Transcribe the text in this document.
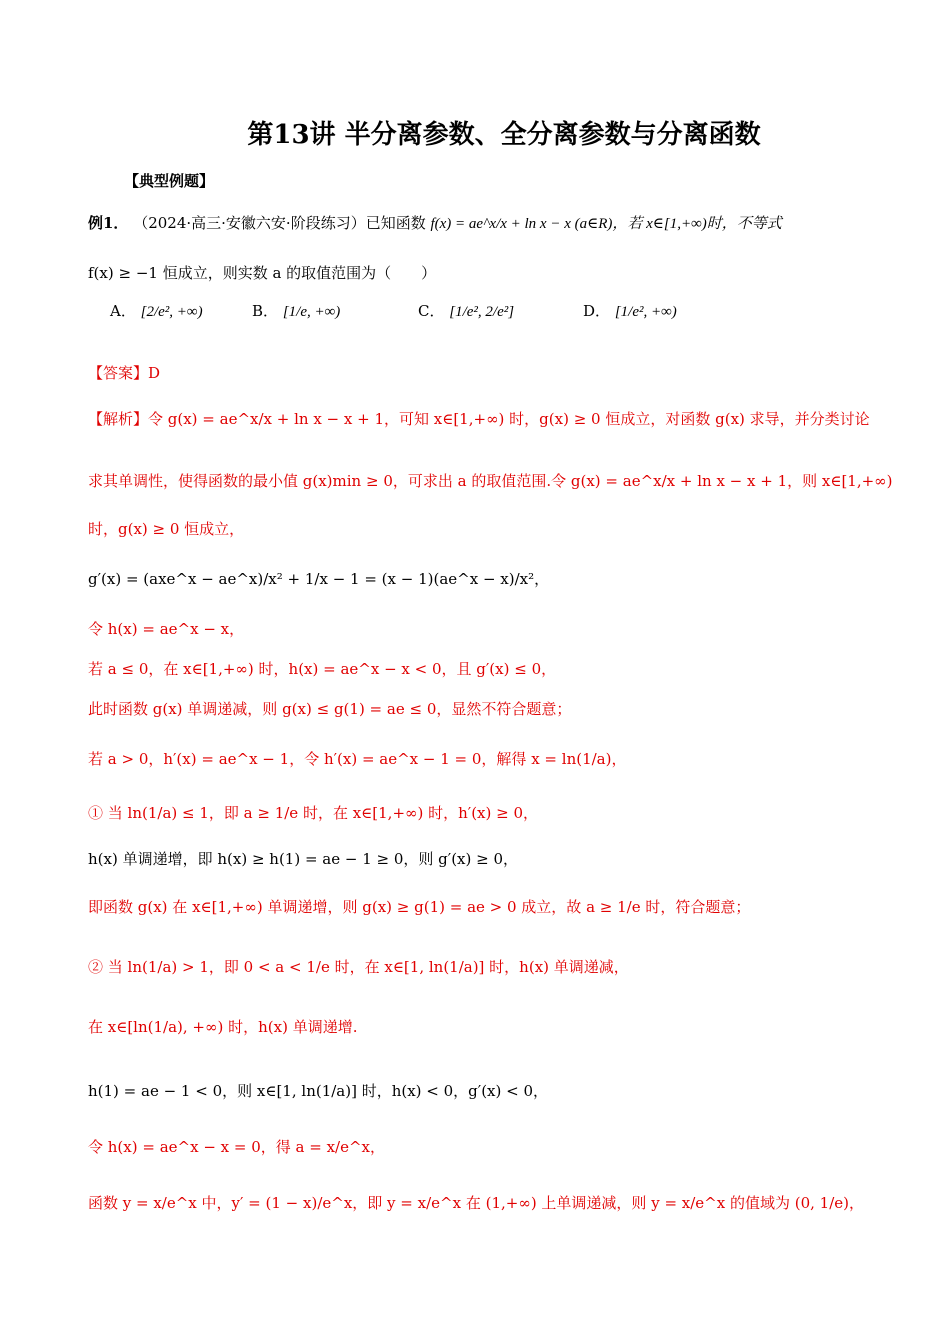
第13讲 半分离参数、全分离参数与分离函数
【典型例题】
例1． （2024·高三·安徽六安·阶段练习）已知函数 f(x) = ae^x/x + ln x − x (a∈R)，若 x∈[1,+∞)时，不等式
f(x) ≥ −1 恒成立，则实数 a 的取值范围为（　　）
A． [2/e², +∞)	B． [1/e, +∞)	C． [1/e², 2/e²]	D． [1/e², +∞)
【答案】D
【解析】令 g(x) = ae^x/x + ln x − x + 1，可知 x∈[1,+∞) 时，g(x) ≥ 0 恒成立，对函数 g(x) 求导，并分类讨论
求其单调性，使得函数的最小值 g(x)min ≥ 0，可求出 a 的取值范围.令 g(x) = ae^x/x + ln x − x + 1，则 x∈[1,+∞)
时，g(x) ≥ 0 恒成立，
g′(x) = (axe^x − ae^x)/x² + 1/x − 1 = (x − 1)(ae^x − x)/x²，
令 h(x) = ae^x − x，
若 a ≤ 0，在 x∈[1,+∞) 时，h(x) = ae^x − x < 0，且 g′(x) ≤ 0，
此时函数 g(x) 单调递减，则 g(x) ≤ g(1) = ae ≤ 0，显然不符合题意；
若 a > 0，h′(x) = ae^x − 1，令 h′(x) = ae^x − 1 = 0，解得 x = ln(1/a)，
① 当 ln(1/a) ≤ 1，即 a ≥ 1/e 时，在 x∈[1,+∞) 时，h′(x) ≥ 0，
h(x) 单调递增，即 h(x) ≥ h(1) = ae − 1 ≥ 0，则 g′(x) ≥ 0，
即函数 g(x) 在 x∈[1,+∞) 单调递增，则 g(x) ≥ g(1) = ae > 0 成立，故 a ≥ 1/e 时，符合题意；
② 当 ln(1/a) > 1，即 0 < a < 1/e 时，在 x∈[1, ln(1/a)] 时，h(x) 单调递减，
在 x∈[ln(1/a), +∞) 时，h(x) 单调递增.
h(1) = ae − 1 < 0，则 x∈[1, ln(1/a)] 时，h(x) < 0，g′(x) < 0，
令 h(x) = ae^x − x = 0，得 a = x/e^x，
函数 y = x/e^x 中，y′ = (1 − x)/e^x，即 y = x/e^x 在 (1,+∞) 上单调递减，则 y = x/e^x 的值域为 (0, 1/e)，
